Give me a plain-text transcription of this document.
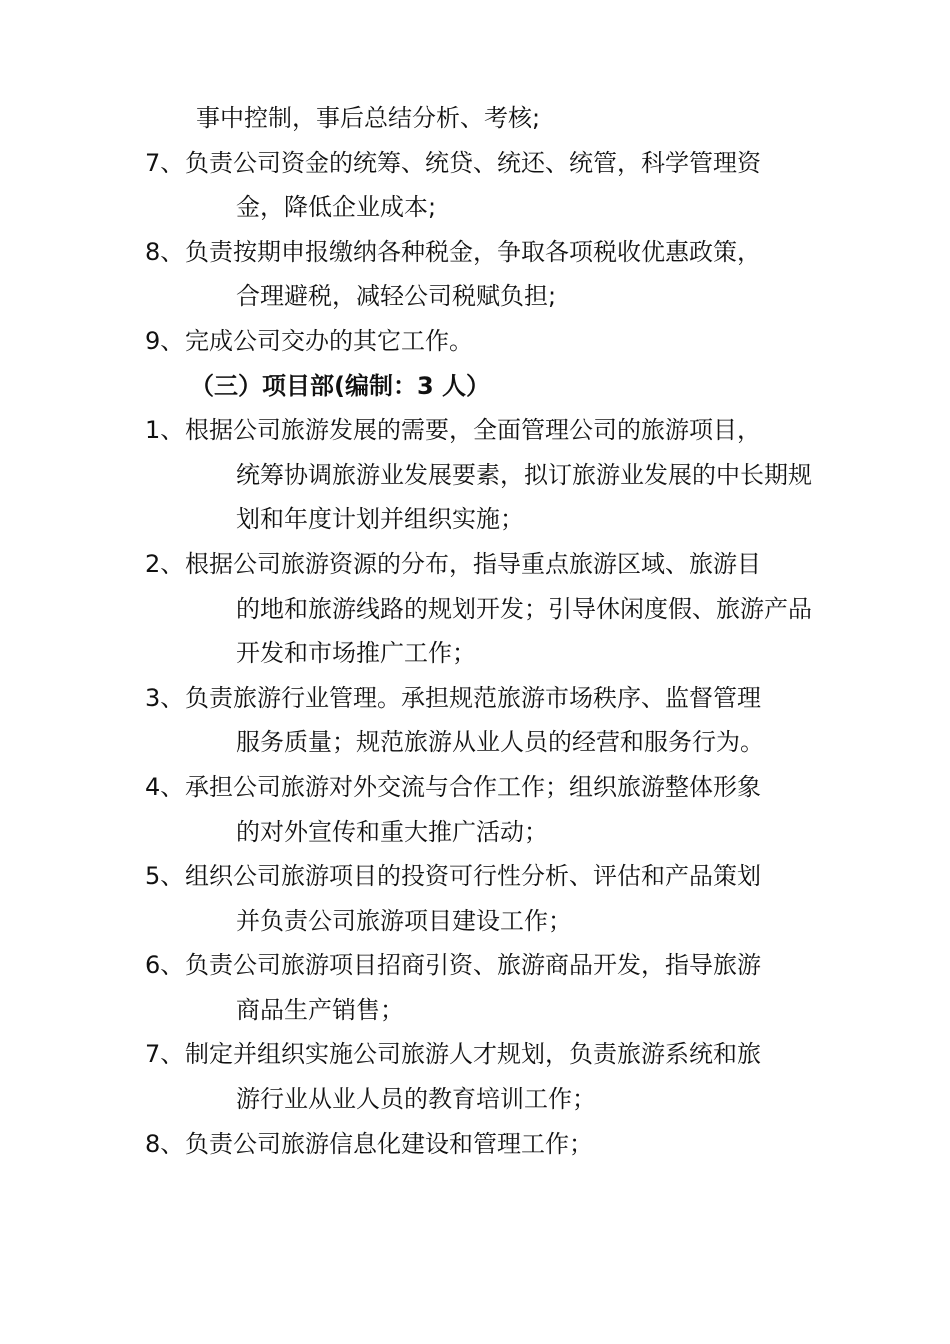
事中控制，事后总结分析、考核;
7、 负责公司资金的统筹、统贷、统还、统管，科学管理资
金，降低企业成本;
8、 负责按期申报缴纳各种税金，争取各项税收优惠政策，
合理避税，减轻公司税赋负担;
9、 完成公司交办的其它工作。
（三）项目部(编制：3 人）
1、 根据公司旅游发展的需要，全面管理公司的旅游项目，
统筹协调旅游业发展要素，拟订旅游业发展的中长期规
划和年度计划并组织实施；
2、 根据公司旅游资源的分布，指导重点旅游区域、旅游目
的地和旅游线路的规划开发；引导休闲度假、旅游产品
开发和市场推广工作；
3、 负责旅游行业管理。承担规范旅游市场秩序、监督管理
服务质量；规范旅游从业人员的经营和服务行为。
4、 承担公司旅游对外交流与合作工作；组织旅游整体形象
的对外宣传和重大推广活动；
5、 组织公司旅游项目的投资可行性分析、评估和产品策划
并负责公司旅游项目建设工作；
6、 负责公司旅游项目招商引资、旅游商品开发，指导旅游
商品生产销售；
7、 制定并组织实施公司旅游人才规划，负责旅游系统和旅
游行业从业人员的教育培训工作；
8、 负责公司旅游信息化建设和管理工作；
